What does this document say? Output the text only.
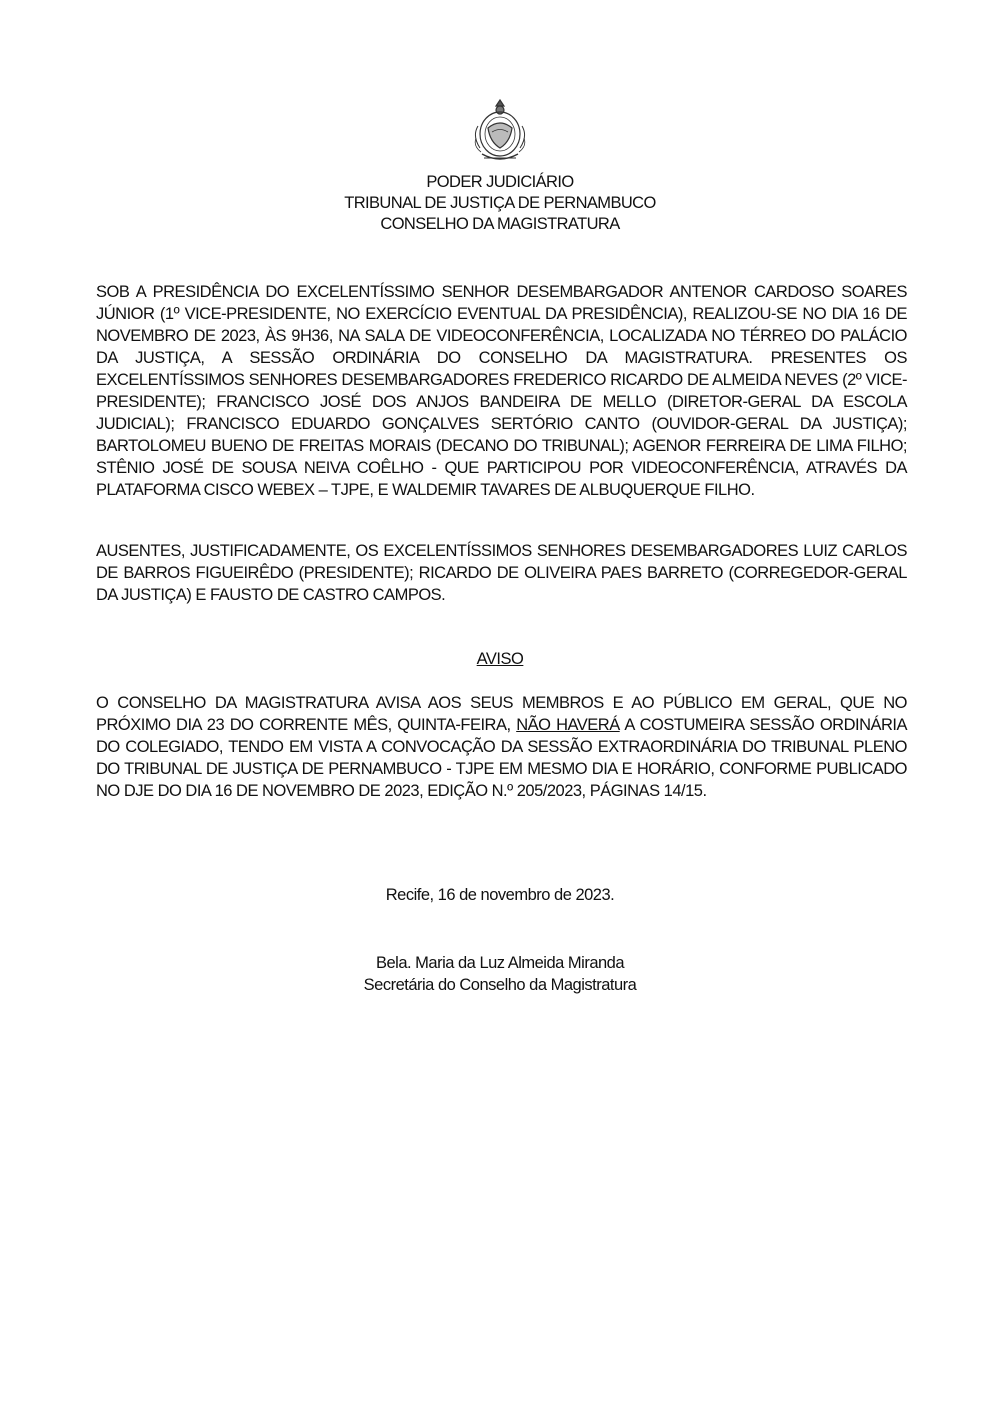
PODER JUDICIÁRIO
TRIBUNAL DE JUSTIÇA DE PERNAMBUCO
CONSELHO DA MAGISTRATURA

SOB A PRESIDÊNCIA DO EXCELENTÍSSIMO SENHOR DESEMBARGADOR ANTENOR CARDOSO SOARES JÚNIOR (1º VICE-PRESIDENTE, NO EXERCÍCIO EVENTUAL DA PRESIDÊNCIA), REALIZOU-SE NO DIA 16 DE NOVEMBRO DE 2023, ÀS 9H36, NA SALA DE VIDEOCONFERÊNCIA, LOCALIZADA NO TÉRREO DO PALÁCIO DA JUSTIÇA, A SESSÃO ORDINÁRIA DO CONSELHO DA MAGISTRATURA. PRESENTES OS EXCELENTÍSSIMOS SENHORES DESEMBARGADORES FREDERICO RICARDO DE ALMEIDA NEVES (2º VICE-PRESIDENTE); FRANCISCO JOSÉ DOS ANJOS BANDEIRA DE MELLO (DIRETOR-GERAL DA ESCOLA JUDICIAL); FRANCISCO EDUARDO GONÇALVES SERTÓRIO CANTO (OUVIDOR-GERAL DA JUSTIÇA); BARTOLOMEU BUENO DE FREITAS MORAIS (DECANO DO TRIBUNAL); AGENOR FERREIRA DE LIMA FILHO; STÊNIO JOSÉ DE SOUSA NEIVA COÊLHO - QUE PARTICIPOU POR VIDEOCONFERÊNCIA, ATRAVÉS DA PLATAFORMA CISCO WEBEX – TJPE, E WALDEMIR TAVARES DE ALBUQUERQUE FILHO.

AUSENTES, JUSTIFICADAMENTE, OS EXCELENTÍSSIMOS SENHORES DESEMBARGADORES LUIZ CARLOS DE BARROS FIGUEIRÊDO (PRESIDENTE); RICARDO DE OLIVEIRA PAES BARRETO (CORREGEDOR-GERAL DA JUSTIÇA) E FAUSTO DE CASTRO CAMPOS.

AVISO

O CONSELHO DA MAGISTRATURA AVISA AOS SEUS MEMBROS E AO PÚBLICO EM GERAL, QUE NO PRÓXIMO DIA 23 DO CORRENTE MÊS, QUINTA-FEIRA, NÃO HAVERÁ A COSTUMEIRA SESSÃO ORDINÁRIA DO COLEGIADO, TENDO EM VISTA A CONVOCAÇÃO DA SESSÃO EXTRAORDINÁRIA DO TRIBUNAL PLENO DO TRIBUNAL DE JUSTIÇA DE PERNAMBUCO - TJPE EM MESMO DIA E HORÁRIO, CONFORME PUBLICADO NO DJE DO DIA 16 DE NOVEMBRO DE 2023, EDIÇÃO N.º 205/2023, PÁGINAS 14/15.

Recife, 16 de novembro de 2023.
Bela. Maria da Luz Almeida Miranda
Secretária do Conselho da Magistratura
